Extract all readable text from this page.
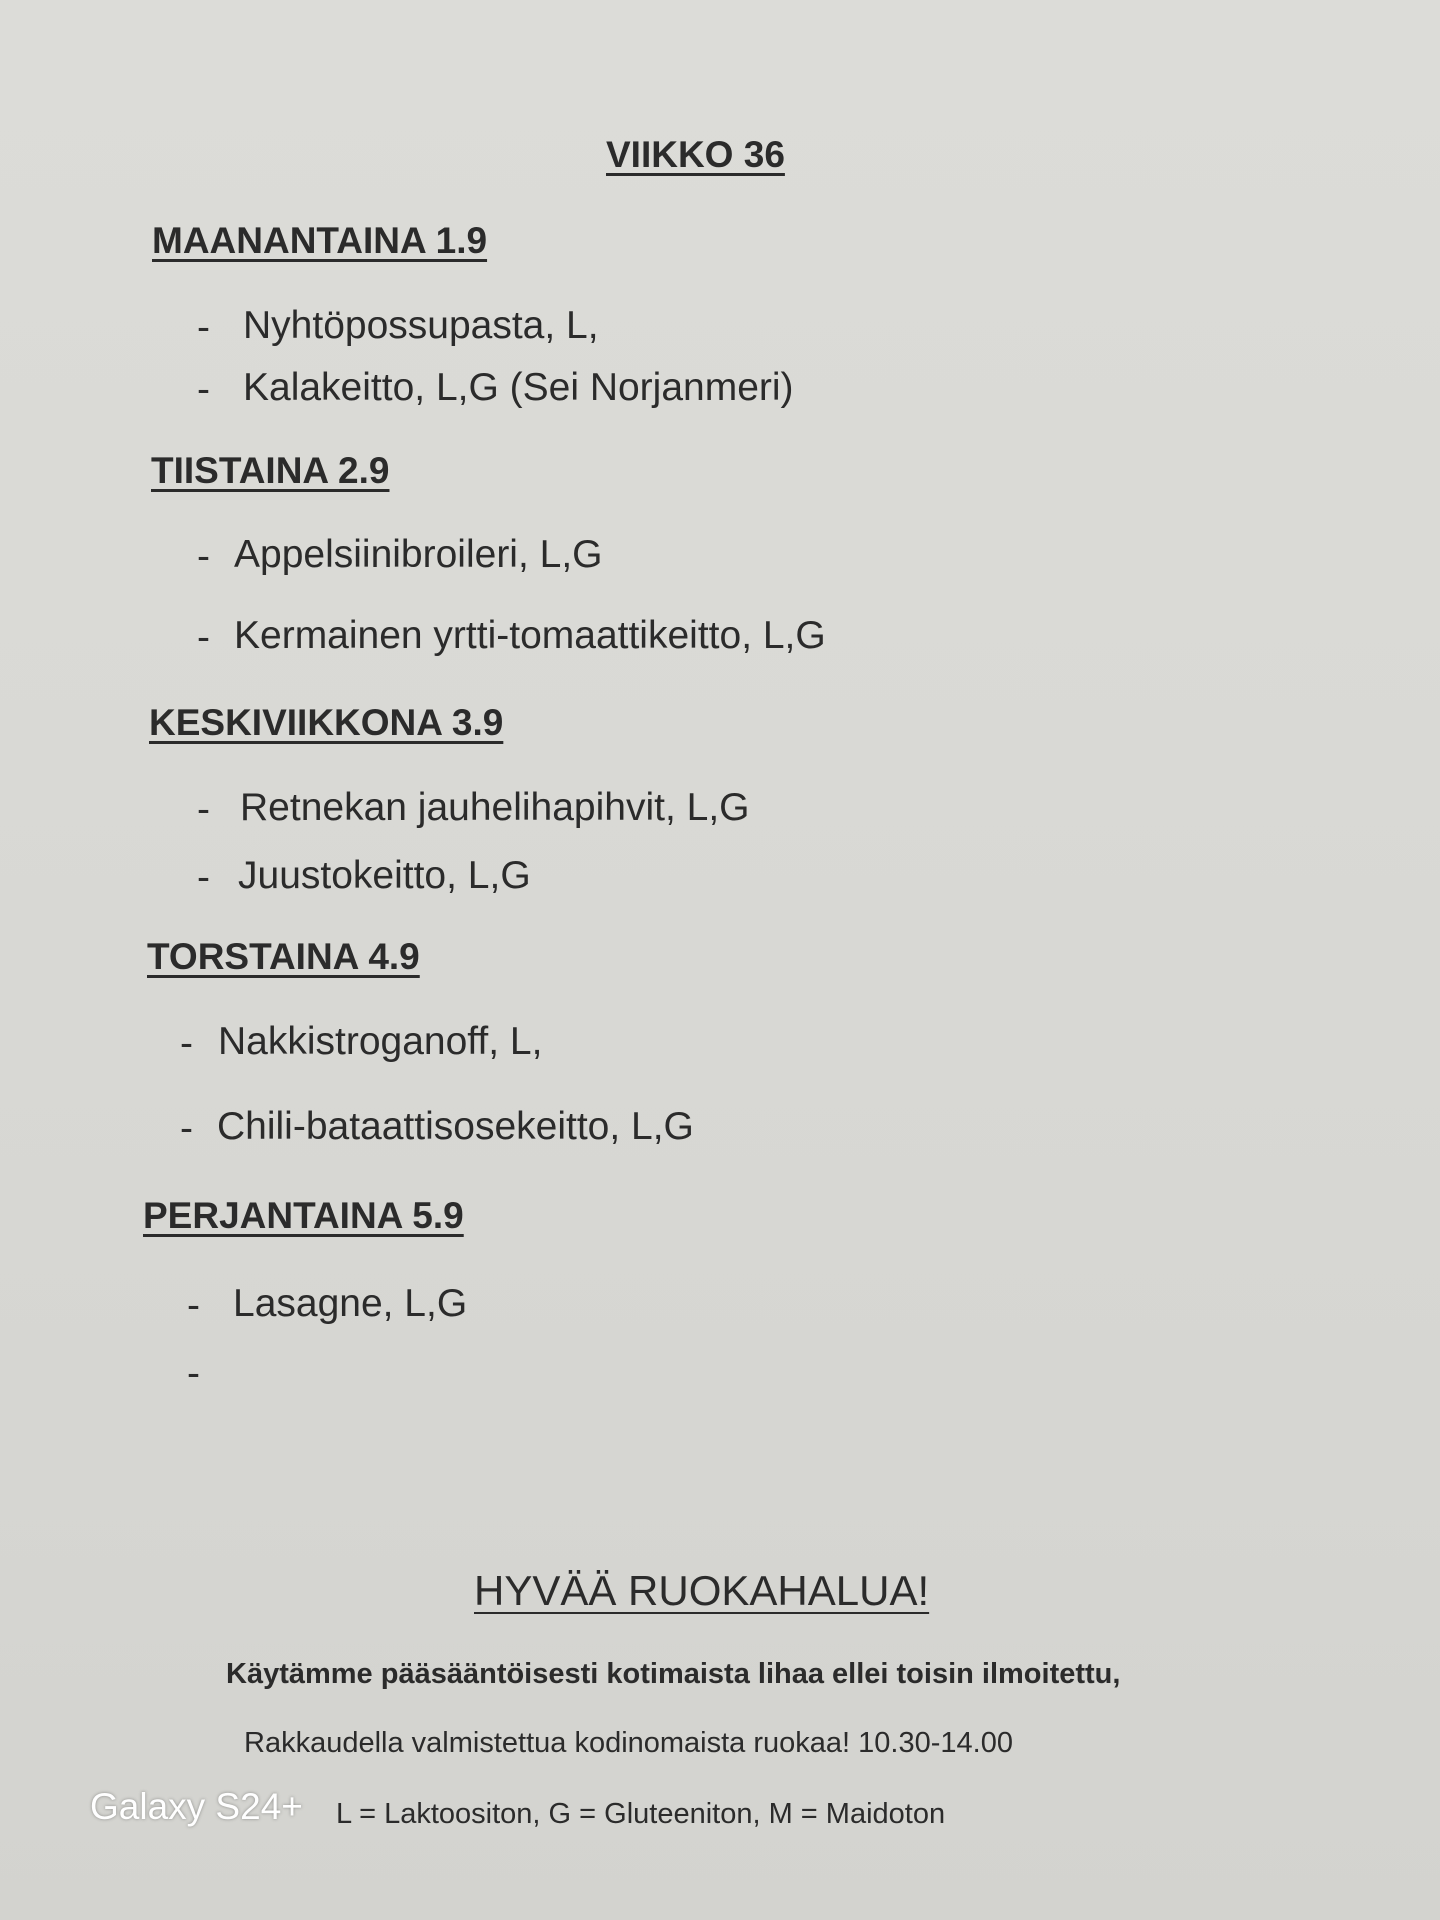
VIIKKO 36
MAANANTAINA 1.9
- Nyhtöpossupasta, L,
- Kalakeitto, L,G (Sei Norjanmeri)
TIISTAINA 2.9
- Appelsiinibroileri, L,G
- Kermainen yrtti-tomaattikeitto, L,G
KESKIVIIKKONA 3.9
- Retnekan jauhelihapihvit, L,G
- Juustokeitto, L,G
TORSTAINA 4.9
- Nakkistroganoff, L,
- Chili-bataattisosekeitto, L,G
PERJANTAINA 5.9
- Lasagne, L,G
-
HYVÄÄ RUOKAHALUA!
Käytämme pääsääntöisesti kotimaista lihaa ellei toisin ilmoitettu,
Rakkaudella valmistettua kodinomaista ruokaa! 10.30-14.00
L = Laktoositon, G = Gluteeniton, M = Maidoton
Galaxy S24+
